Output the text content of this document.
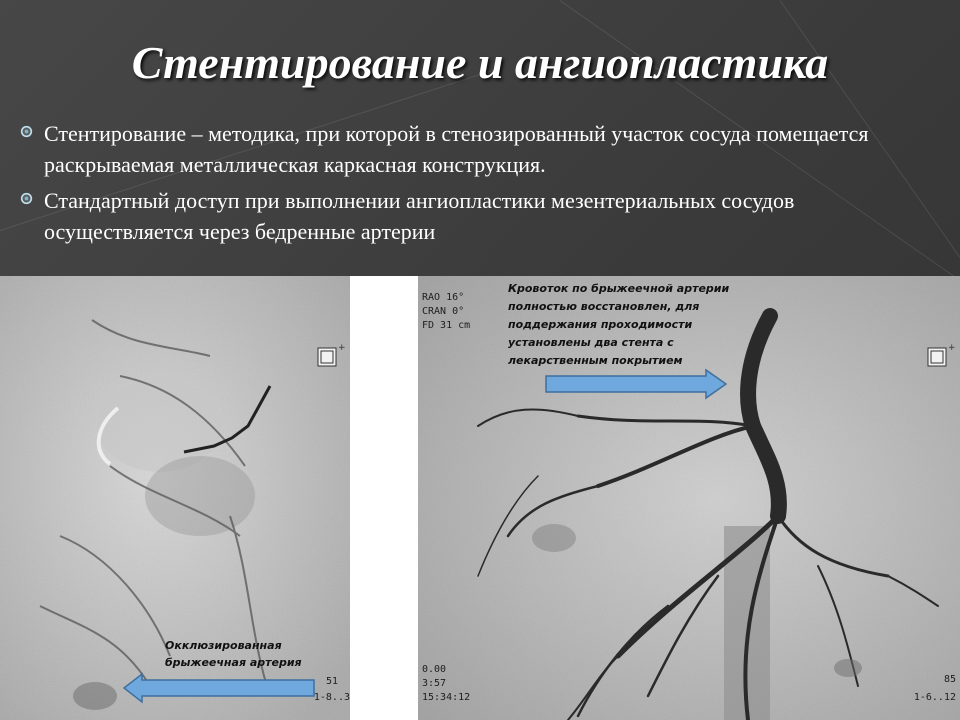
Стентирование и ангиопластика
Стентирование – методика, при которой в стенозированный участок сосуда помещается раскрываемая металлическая каркасная конструкция.
Стандартный доступ при выполнении ангиопластики мезентериальных сосудов осуществляется через бедренные артерии
+
Окклюзированная
брыжеечная артерия
51
1-8..3
+
RAO 16°
CRAN 0°
FD 31 cm
Кровоток по брыжеечной артерии
полностью восстановлен, для
поддержания проходимости
установлены два стента с
лекарственным покрытием
0.00
3:57
15:34:12
85
1-6..12
